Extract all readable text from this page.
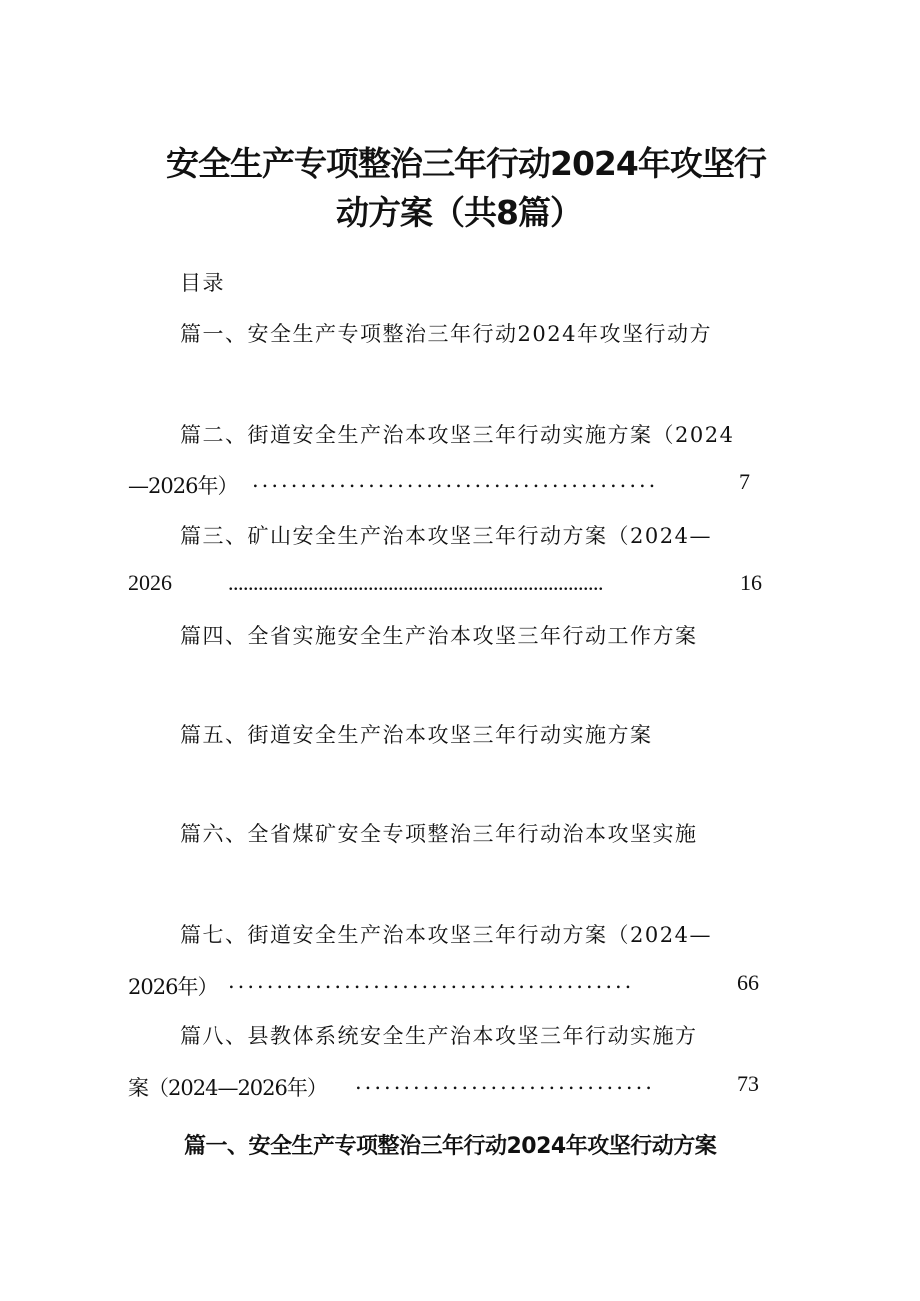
安全生产专项整治三年行动2024年攻坚行
动方案（共8篇）
目录
篇一、安全生产专项整治三年行动2024年攻坚行动方
篇二、街道安全生产治本攻坚三年行动实施方案（2024
—2026年） ..........................................	7
篇三、矿山安全生产治本攻坚三年行动方案（2024—
2026	...........................................................................	16
篇四、全省实施安全生产治本攻坚三年行动工作方案
篇五、街道安全生产治本攻坚三年行动实施方案
篇六、全省煤矿安全专项整治三年行动治本攻坚实施
篇七、街道安全生产治本攻坚三年行动方案（2024—
2026年） ..........................................	66
篇八、县教体系统安全生产治本攻坚三年行动实施方
案（2024—2026年） ...............................	73
篇一、安全生产专项整治三年行动2024年攻坚行动方案
